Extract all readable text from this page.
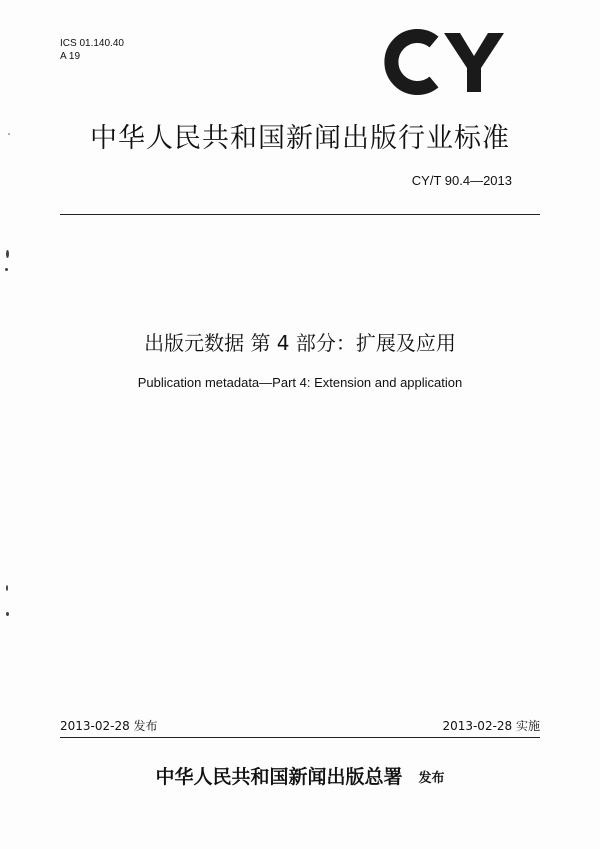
ICS 01.140.40
A 19
中华人民共和国新闻出版行业标准
CY/T 90.4—2013
出版元数据 第 4 部分：扩展及应用
Publication metadata—Part 4: Extension and application
2013-02-28 发布	2013-02-28 实施
中华人民共和国新闻出版总署 发布
